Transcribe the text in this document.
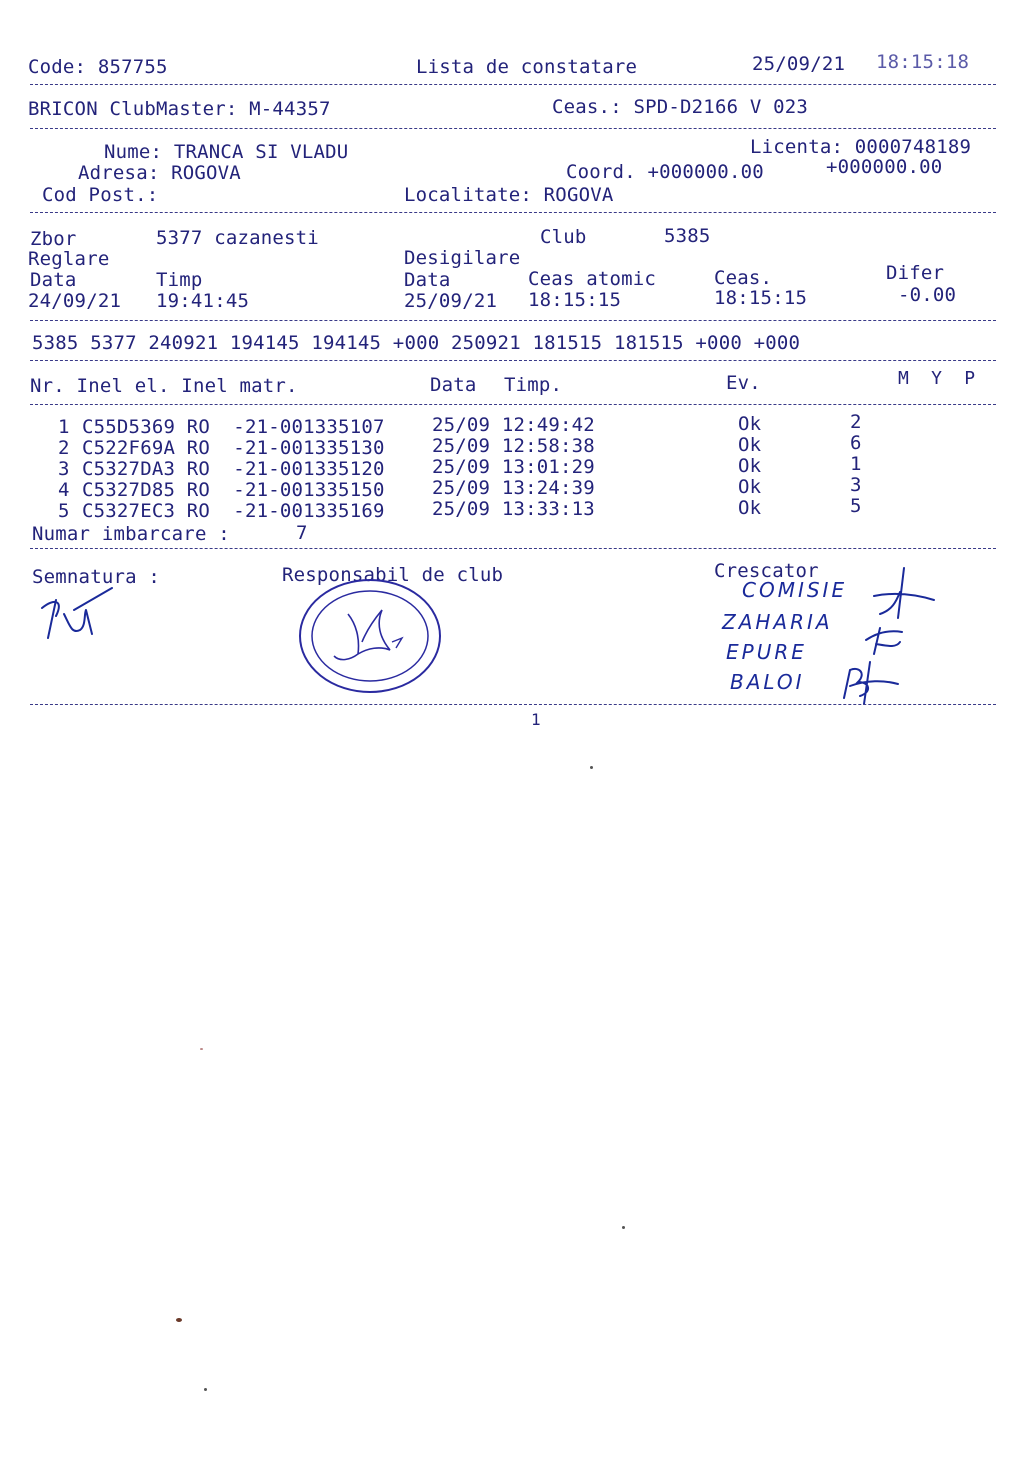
Code: 857755	Lista de constatare	25/09/21 18:15:18
BRICON ClubMaster: M-44357	Ceas.: SPD-D2166 V 023
Nume: TRANCA SI VLADU	Licenta: 0000748189
Adresa: ROGOVA	Coord. +000000.00	+000000.00
Cod Post.:	Localitate: ROGOVA
Zbor	5377 cazanesti	Club	5385
Reglare	Desigilare
Data	Timp	Data	Ceas atomic	Ceas.	Difer
24/09/21 19:41:45	25/09/21 18:15:15	18:15:15	-0.00
5385 5377 240921 194145 194145 +000 250921 181515 181515 +000 +000
Nr. Inel el. Inel matr.	Data Timp.	Ev.	M  Y  P
1 C55D5369 RO  -21-001335107 25/09 12:49:42	Ok	2
2 C522F69A RO  -21-001335130 25/09 12:58:38	Ok	6
3 C5327DA3 RO  -21-001335120 25/09 13:01:29	Ok	1
4 C5327D85 RO  -21-001335150 25/09 13:24:39	Ok	3
5 C5327EC3 RO  -21-001335169 25/09 13:33:13	Ok	5
Numar imbarcare :	7
Semnatura :	Responsabil de club	Crescator
COMISIE
ZAHARIA
EPURE
BALOI
1
